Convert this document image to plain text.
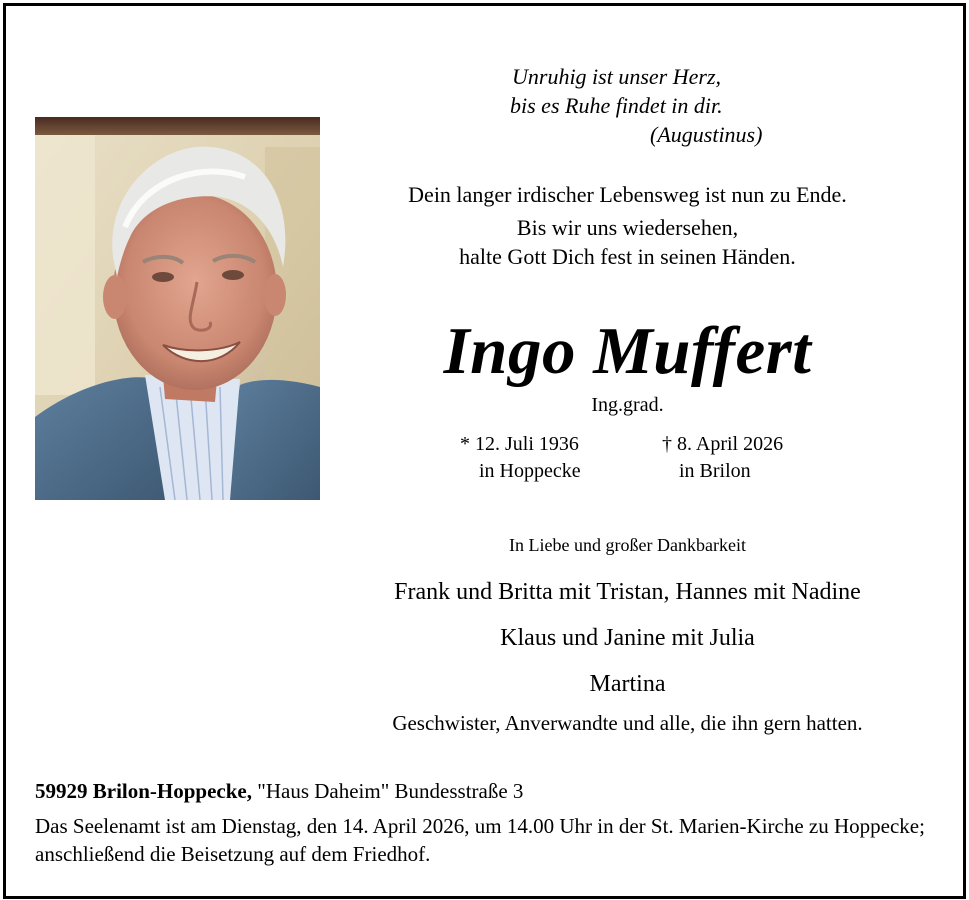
Unruhig ist unser Herz,
bis es Ruhe findet in dir.
(Augustinus)
Dein langer irdischer Lebensweg ist nun zu Ende.
Bis wir uns wiedersehen,
halte Gott Dich fest in seinen Händen.
Ingo Muffert
Ing.grad.
* 12. Juli 1936
in Hoppecke
† 8. April 2026
in Brilon
In Liebe und großer Dankbarkeit
Frank und Britta mit Tristan, Hannes mit Nadine
Klaus und Janine mit Julia
Martina
Geschwister, Anverwandte und alle, die ihn gern hatten.
59929 Brilon-Hoppecke, "Haus Daheim" Bundesstraße 3
Das Seelenamt ist am Dienstag, den 14. April 2026, um 14.00 Uhr in der St. Marien-Kirche zu Hoppecke; anschließend die Beisetzung auf dem Friedhof.
